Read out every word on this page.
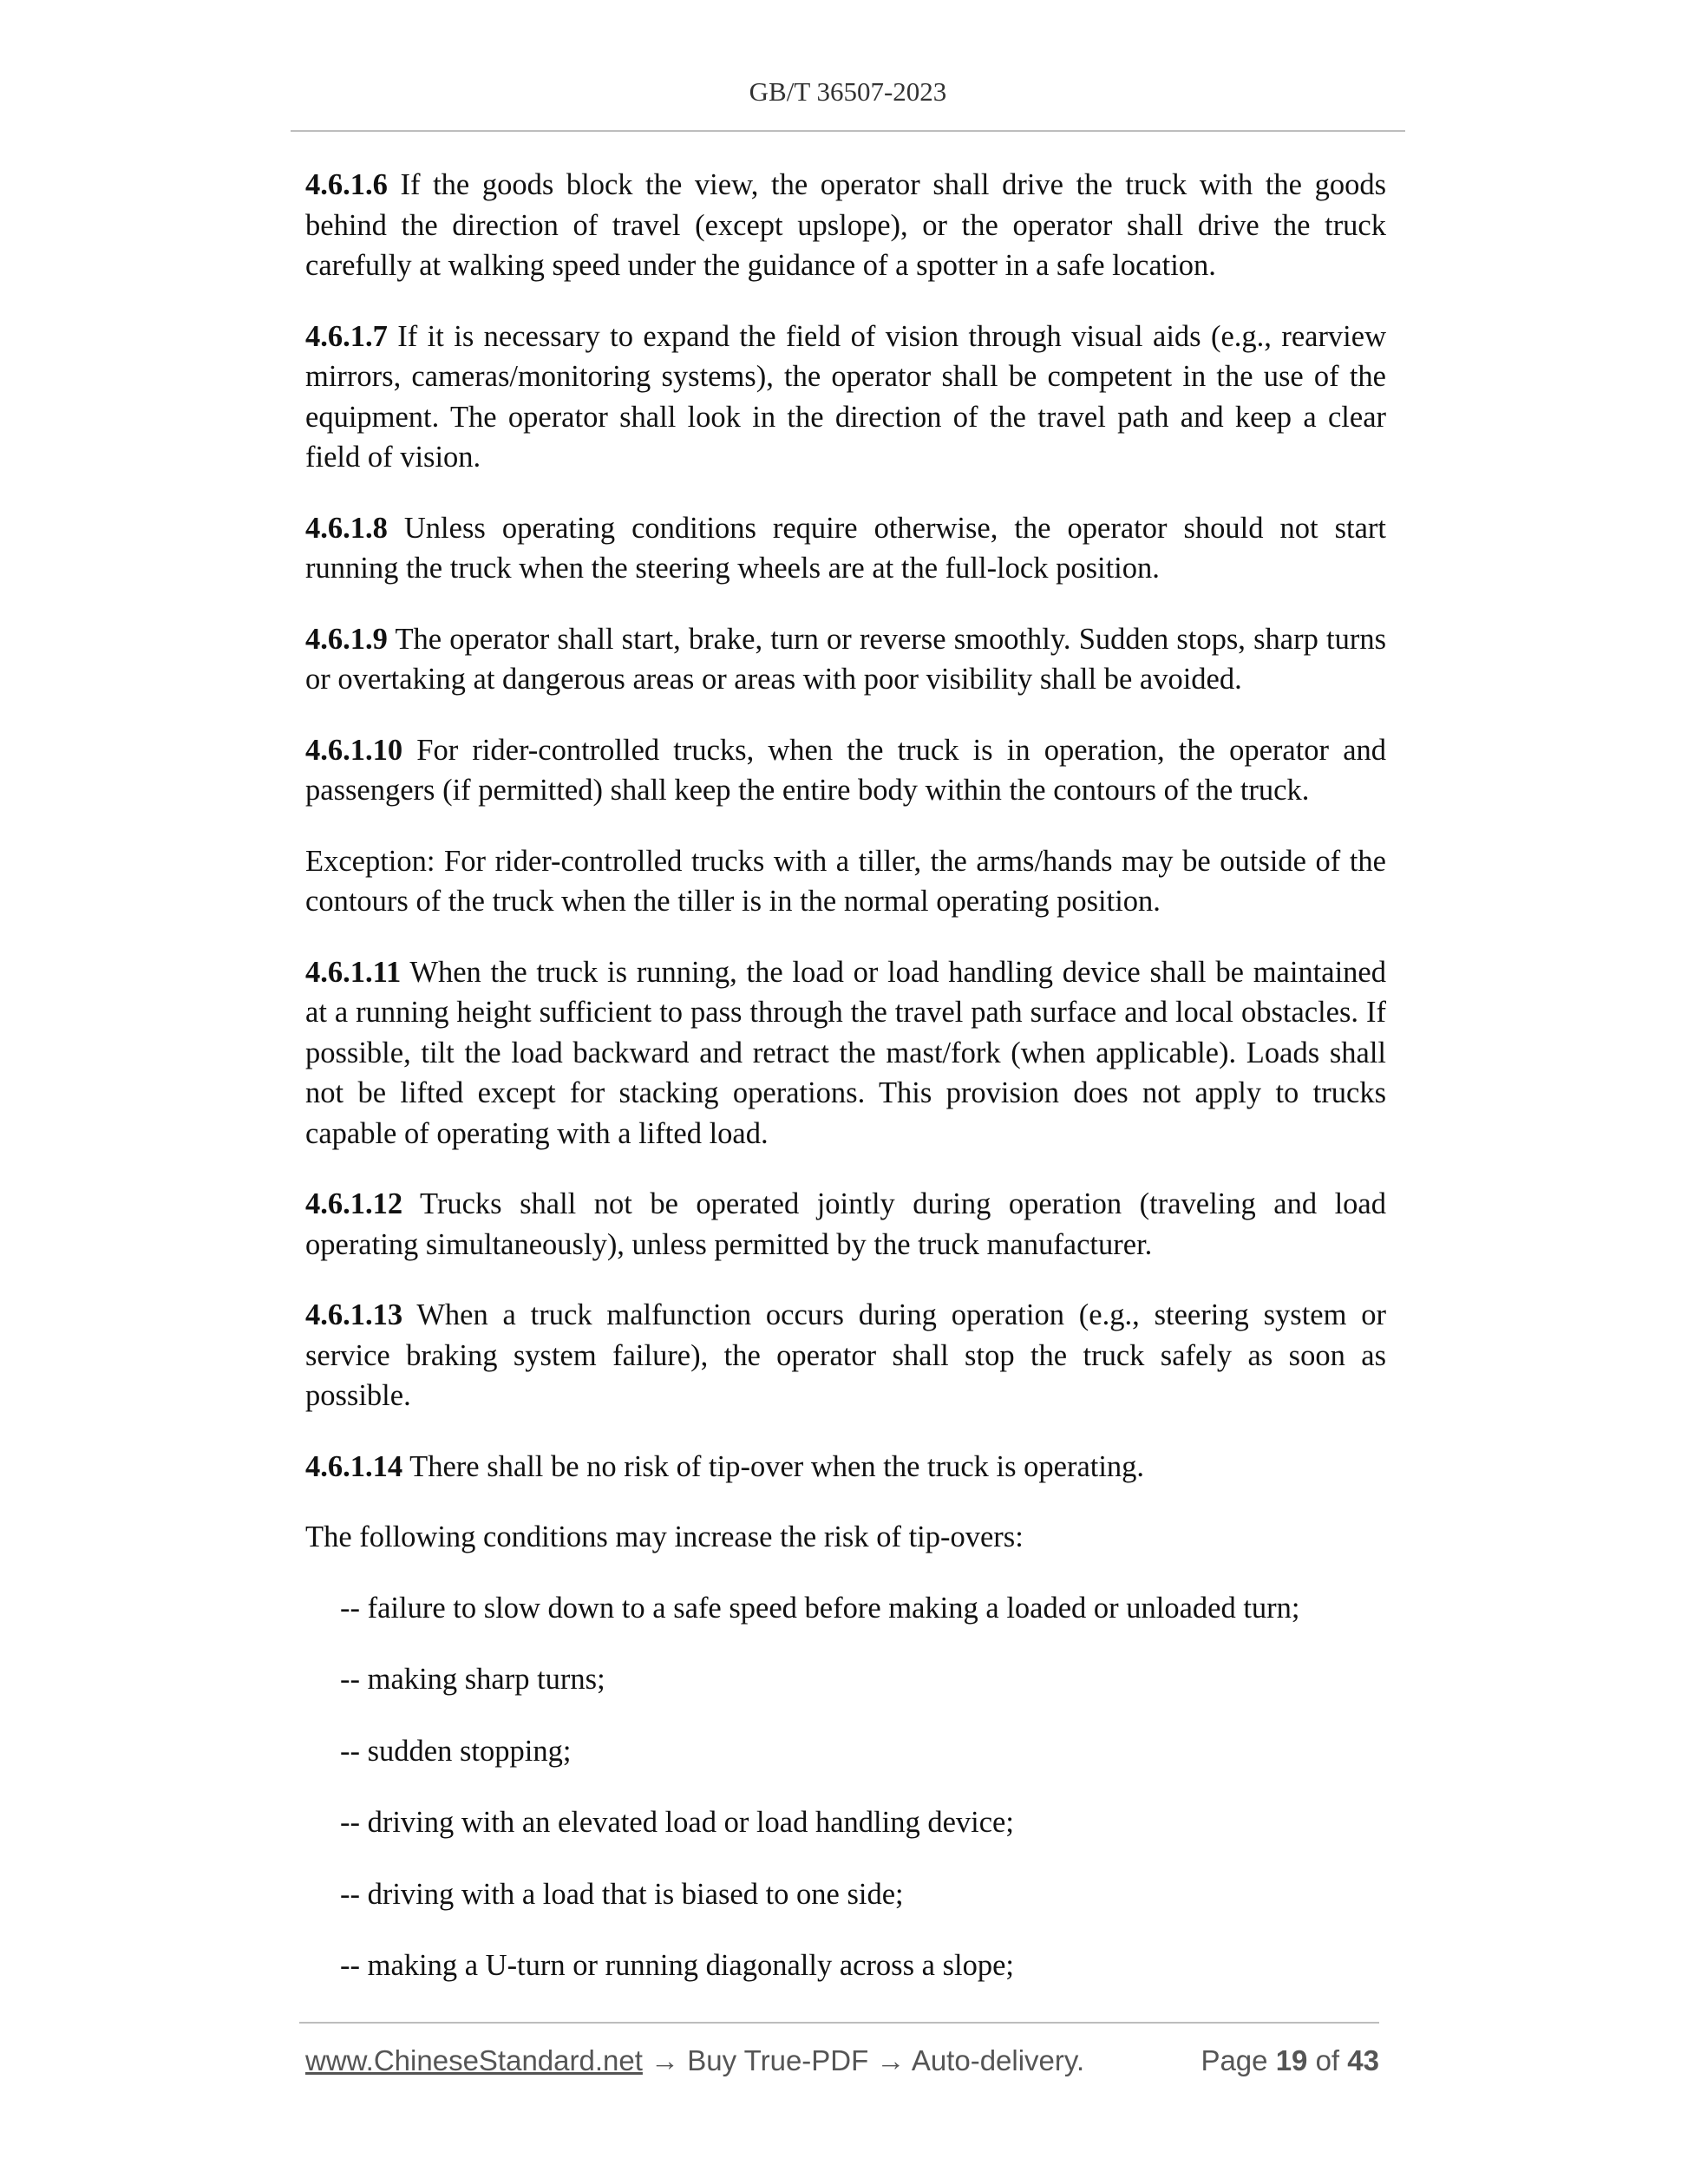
GB/T 36507-2023

4.6.1.6 If the goods block the view, the operator shall drive the truck with the goods behind the direction of travel (except upslope), or the operator shall drive the truck carefully at walking speed under the guidance of a spotter in a safe location.

4.6.1.7 If it is necessary to expand the field of vision through visual aids (e.g., rearview mirrors, cameras/monitoring systems), the operator shall be competent in the use of the equipment. The operator shall look in the direction of the travel path and keep a clear field of vision.

4.6.1.8 Unless operating conditions require otherwise, the operator should not start running the truck when the steering wheels are at the full-lock position.

4.6.1.9 The operator shall start, brake, turn or reverse smoothly. Sudden stops, sharp turns or overtaking at dangerous areas or areas with poor visibility shall be avoided.

4.6.1.10 For rider-controlled trucks, when the truck is in operation, the operator and passengers (if permitted) shall keep the entire body within the contours of the truck.

Exception: For rider-controlled trucks with a tiller, the arms/hands may be outside of the contours of the truck when the tiller is in the normal operating position.

4.6.1.11 When the truck is running, the load or load handling device shall be maintained at a running height sufficient to pass through the travel path surface and local obstacles. If possible, tilt the load backward and retract the mast/fork (when applicable). Loads shall not be lifted except for stacking operations. This provision does not apply to trucks capable of operating with a lifted load.

4.6.1.12 Trucks shall not be operated jointly during operation (traveling and load operating simultaneously), unless permitted by the truck manufacturer.

4.6.1.13 When a truck malfunction occurs during operation (e.g., steering system or service braking system failure), the operator shall stop the truck safely as soon as possible.

4.6.1.14 There shall be no risk of tip-over when the truck is operating.

The following conditions may increase the risk of tip-overs:

-- failure to slow down to a safe speed before making a loaded or unloaded turn;
-- making sharp turns;
-- sudden stopping;
-- driving with an elevated load or load handling device;
-- driving with a load that is biased to one side;
-- making a U-turn or running diagonally across a slope;
www.ChineseStandard.net → Buy True-PDF → Auto-delivery.	Page 19 of 43
